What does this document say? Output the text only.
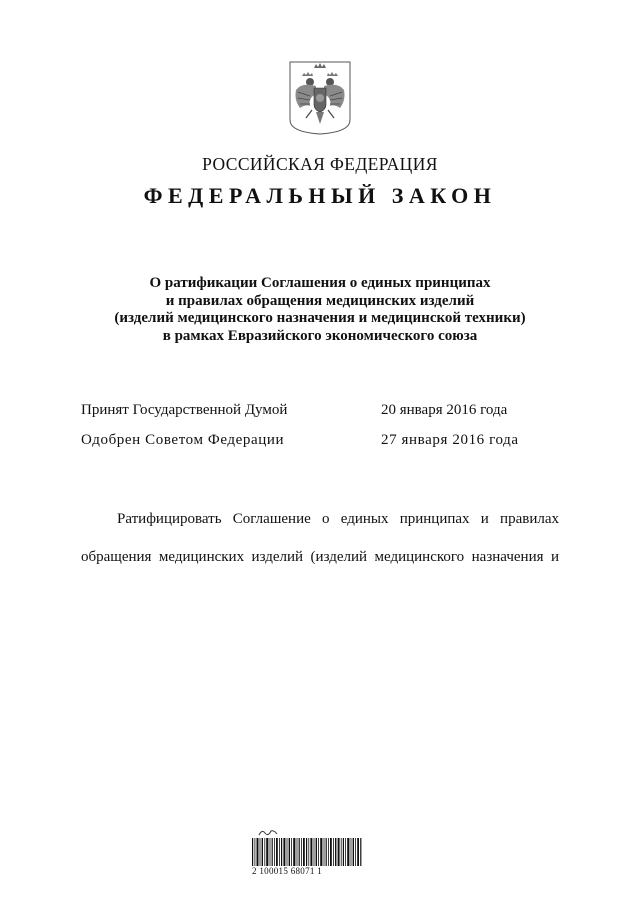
РОССИЙСКАЯ ФЕДЕРАЦИЯ
ФЕДЕРАЛЬНЫЙ ЗАКОН
О ратификации Соглашения о единых принципах
и правилах обращения медицинских изделий
(изделий медицинского назначения и медицинской техники)
в рамках Евразийского экономического союза
Принят Государственной Думой	20 января 2016 года
Одобрен Советом Федерации	27 января 2016 года
Ратифицировать Соглашение о единых принципах и правилах
обращения медицинских изделий (изделий медицинского назначения и
2 100015 68071 1
